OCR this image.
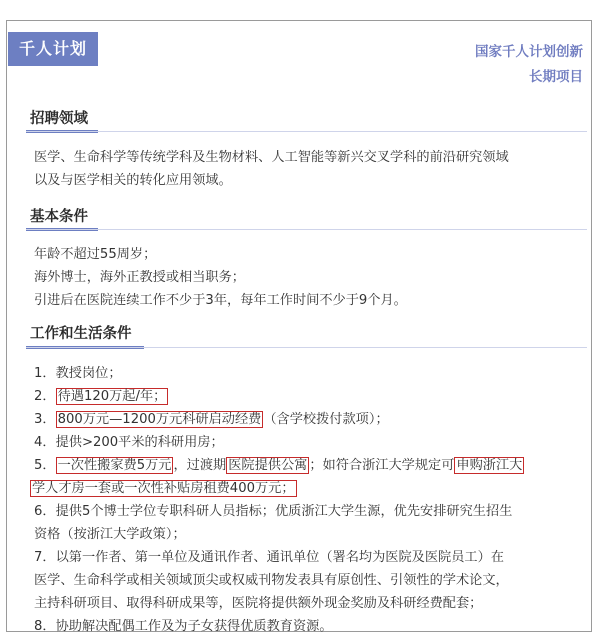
千人计划	国家千人计划创新
长期项目
招聘领域
医学、生命科学等传统学科及生物材料、人工智能等新兴交叉学科的前沿研究领域
以及与医学相关的转化应用领域。
基本条件
年龄不超过55周岁；
海外博士，海外正教授或相当职务；
引进后在医院连续工作不少于3年，每年工作时间不少于9个月。
工作和生活条件
1．教授岗位；
2． 待遇120万起/年；
3． 800万元—1200万元科研启动经费 （含学校拨付款项）；
4．提供>200平米的科研用房；
5． 一次性搬家费5万元 ，过渡期 医院提供公寓 ；如符合浙江大学规定可 申购浙江大
学人才房一套或一次性补贴房租费400万元；
6．提供5个博士学位专职科研人员指标；优质浙江大学生源，优先安排研究生招生
资格（按浙江大学政策）；
7．以第一作者、第一单位及通讯作者、通讯单位（署名均为医院及医院员工）在
医学、生命科学或相关领域顶尖或权威刊物发表具有原创性、引领性的学术论文，
主持科研项目、取得科研成果等，医院将提供额外现金奖励及科研经费配套；
8．协助解决配偶工作及为子女获得优质教育资源。
